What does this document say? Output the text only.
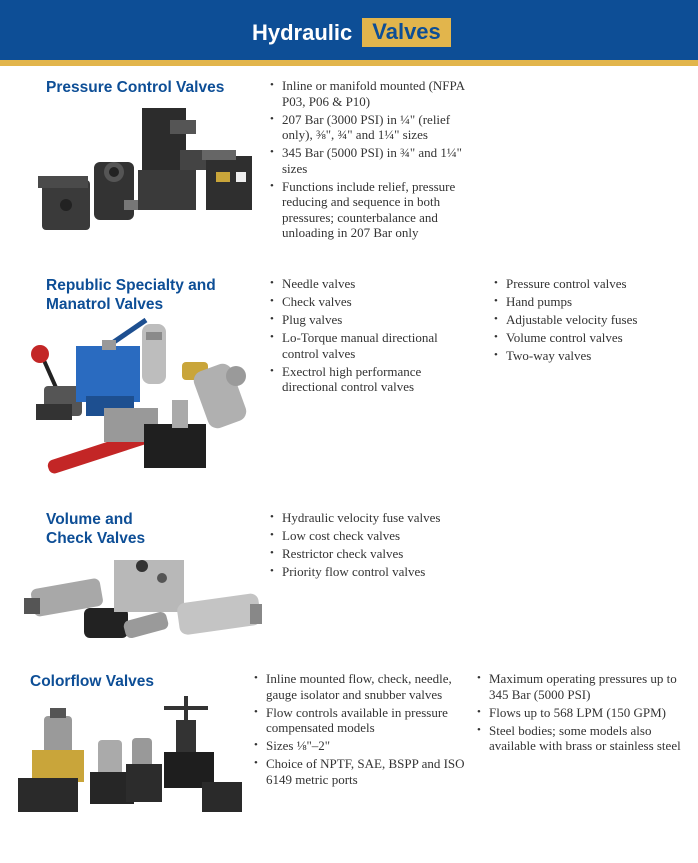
Hydraulic Valves
Pressure Control Valves	• Inline or manifold mounted (NFPA P03, P06 & P10)
• 207 Bar (3000 PSI) in ¼" (relief only), ⅜", ¾" and 1¼" sizes
• 345 Bar (5000 PSI) in ¾" and 1¼" sizes
• Functions include relief, pressure reducing and sequence in both pressures; counterbalance and unloading in 207 Bar only
Republic Specialty and
Manatrol Valves
• Needle valves
• Check valves
• Plug valves
• Lo-Torque manual directional control valves
• Exectrol high performance directional control valves
• Pressure control valves
• Hand pumps
• Adjustable velocity fuses
• Volume control valves
• Two-way valves
Volume and
Check Valves
• Hydraulic velocity fuse valves
• Low cost check valves
• Restrictor check valves
• Priority flow control valves
Colorflow Valves	• Inline mounted flow, check, needle, gauge isolator and snubber valves
• Flow controls available in pressure compensated models
• Sizes ⅛"–2"
• Choice of NPTF, SAE, BSPP and ISO 6149 metric ports
• Maximum operating pressures up to 345 Bar (5000 PSI)
• Flows up to 568 LPM (150 GPM)
• Steel bodies; some models also available with brass or stainless steel
